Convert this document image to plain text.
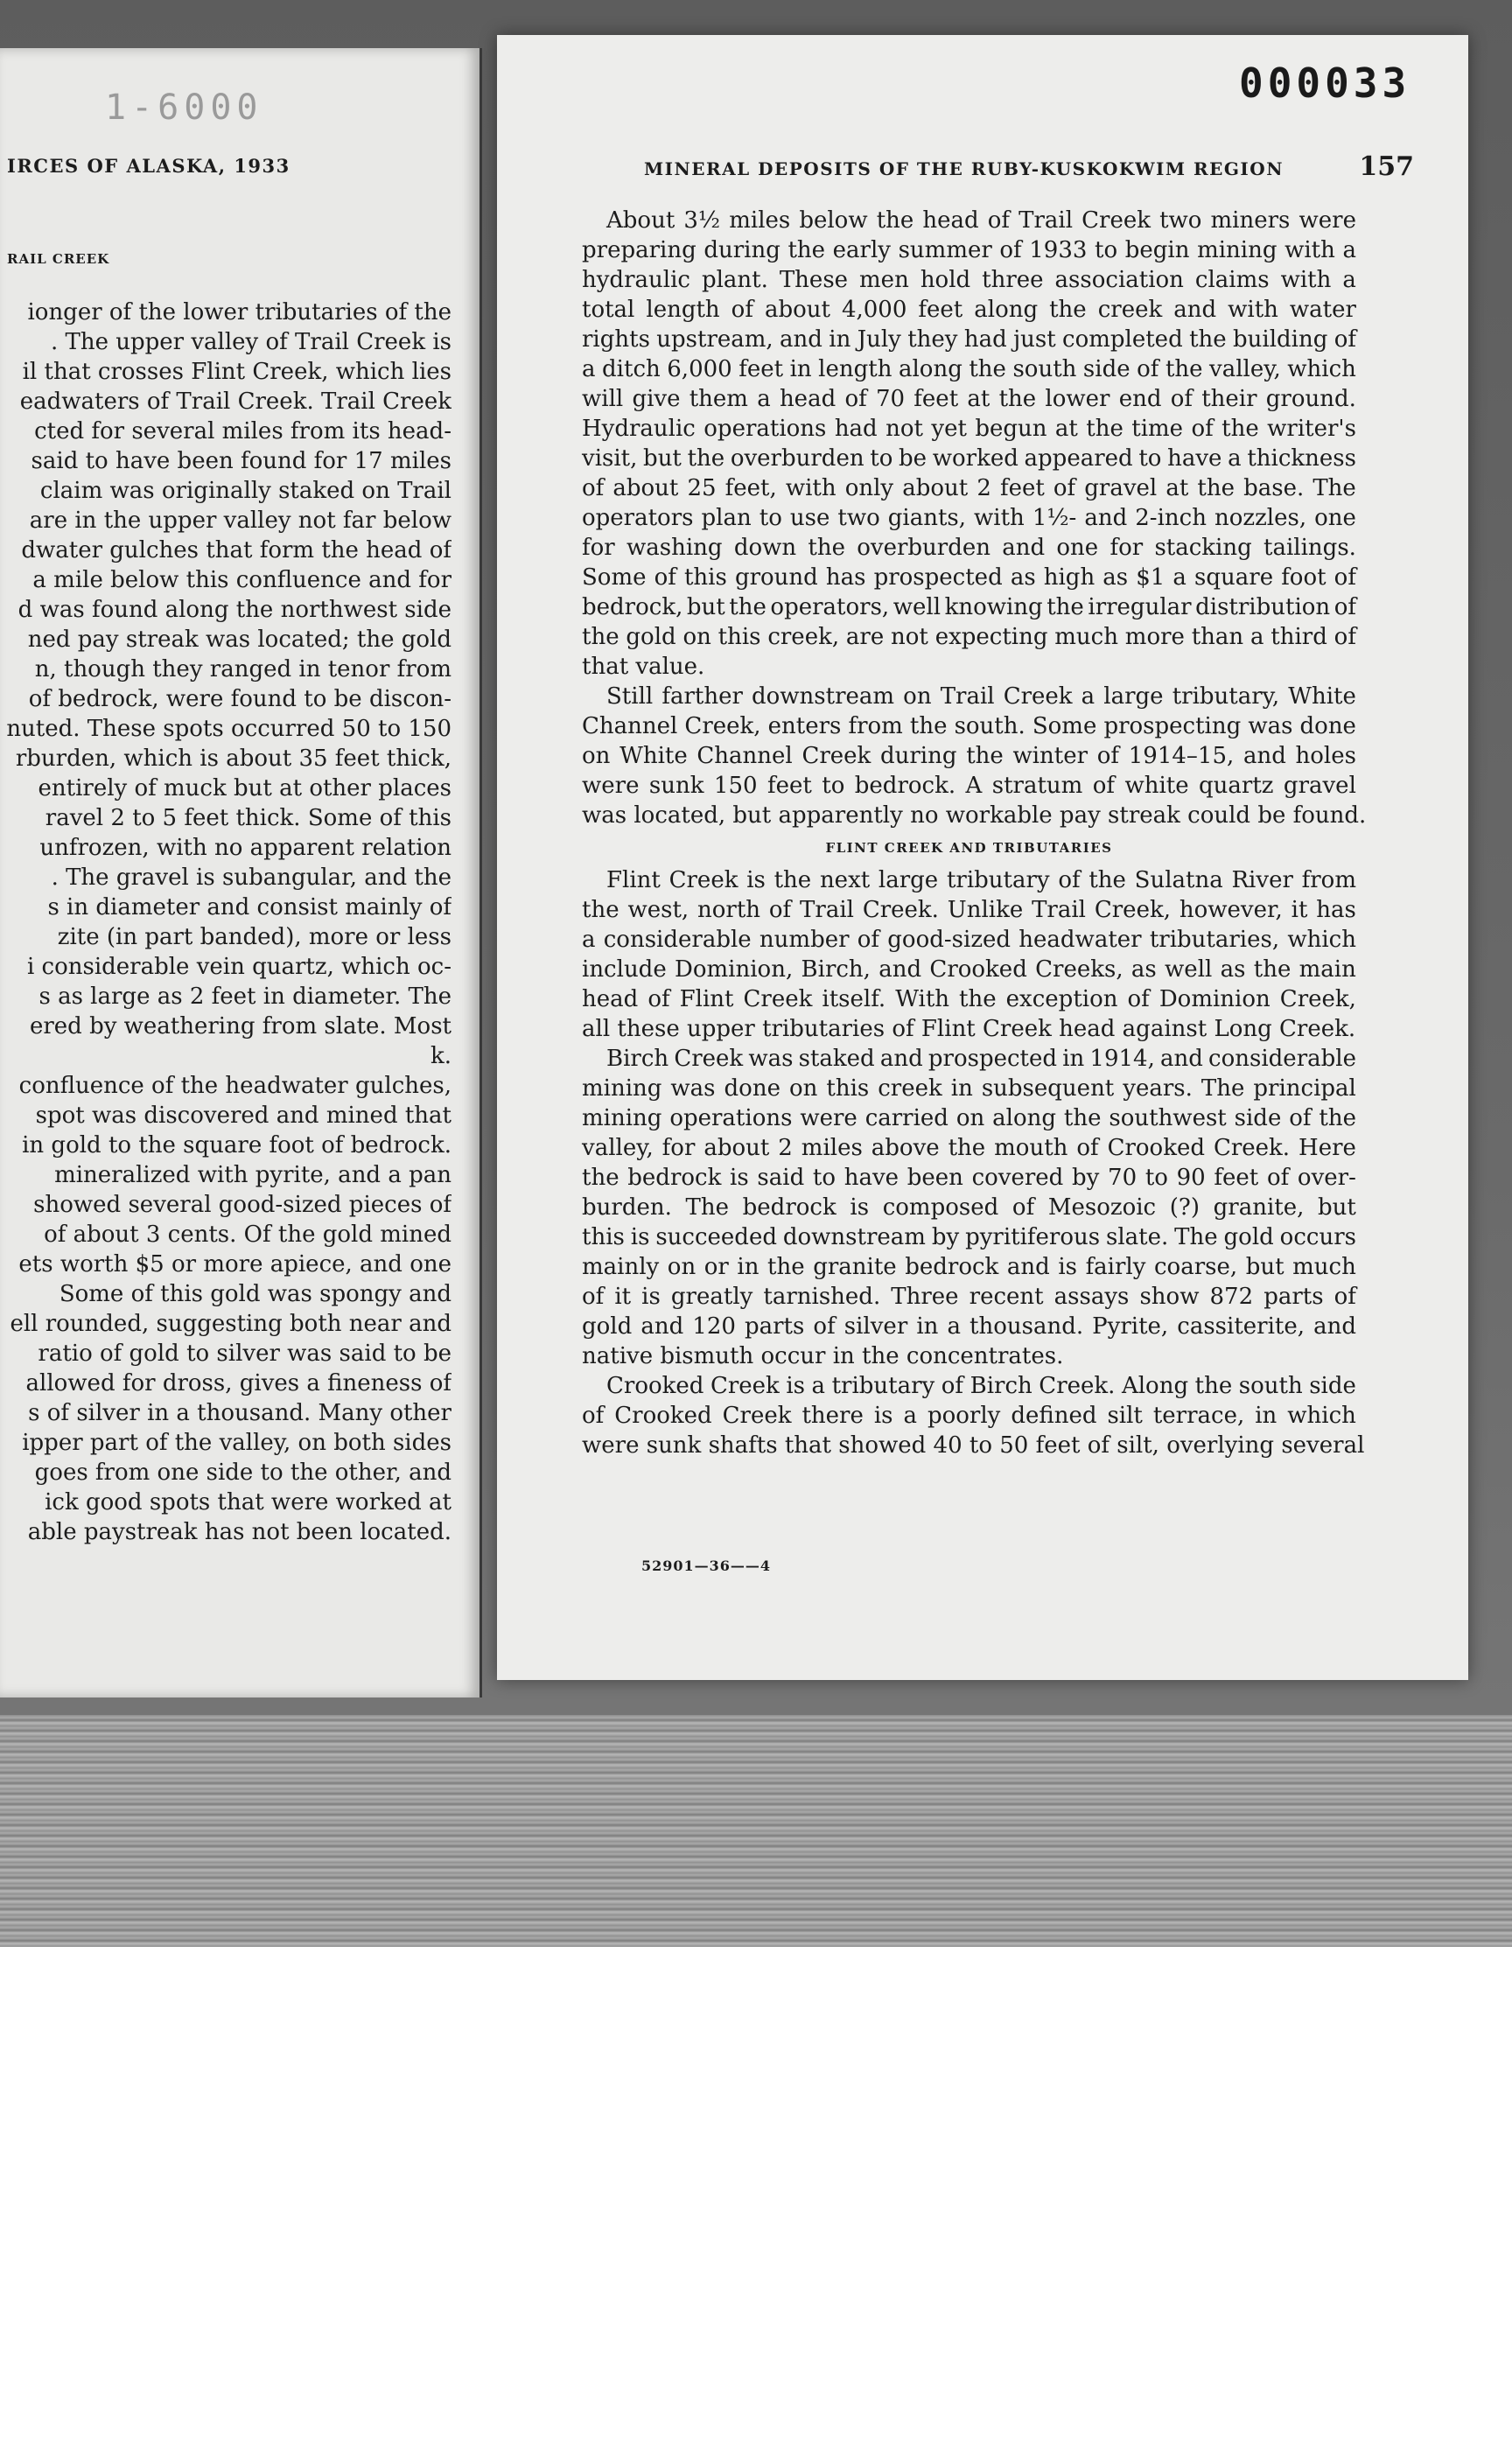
1-6000
IRCES OF ALASKA, 1933
RAIL CREEK
ionger of the lower tributaries of the
. The upper valley of Trail Creek is
il that crosses Flint Creek, which lies
eadwaters of Trail Creek. Trail Creek
cted for several miles from its head-
said to have been found for 17 miles
claim was originally staked on Trail
are in the upper valley not far below
dwater gulches that form the head of
a mile below this confluence and for
d was found along the northwest side
ned pay streak was located; the gold
n, though they ranged in tenor from
of bedrock, were found to be discon-
nuted. These spots occurred 50 to 150
rburden, which is about 35 feet thick,
entirely of muck but at other places
ravel 2 to 5 feet thick. Some of this
unfrozen, with no apparent relation
. The gravel is subangular, and the
s in diameter and consist mainly of
zite (in part banded), more or less
i considerable vein quartz, which oc-
s as large as 2 feet in diameter. The
ered by weathering from slate. Most
k.
confluence of the headwater gulches,
spot was discovered and mined that
in gold to the square foot of bedrock.
mineralized with pyrite, and a pan
showed several good-sized pieces of
of about 3 cents. Of the gold mined
ets worth $5 or more apiece, and one
Some of this gold was spongy and
ell rounded, suggesting both near and
ratio of gold to silver was said to be
allowed for dross, gives a fineness of
s of silver in a thousand. Many other
ipper part of the valley, on both sides
goes from one side to the other, and
ick good spots that were worked at
able paystreak has not been located.
000033
MINERAL DEPOSITS OF THE RUBY-KUSKOKWIM REGION	157
About 3½ miles below the head of Trail Creek two miners were
preparing during the early summer of 1933 to begin mining with a
hydraulic plant. These men hold three association claims with a
total length of about 4,000 feet along the creek and with water
rights upstream, and in July they had just completed the building of
a ditch 6,000 feet in length along the south side of the valley, which
will give them a head of 70 feet at the lower end of their ground.
Hydraulic operations had not yet begun at the time of the writer's
visit, but the overburden to be worked appeared to have a thickness
of about 25 feet, with only about 2 feet of gravel at the base. The
operators plan to use two giants, with 1½- and 2-inch nozzles, one
for washing down the overburden and one for stacking tailings.
Some of this ground has prospected as high as $1 a square foot of
bedrock, but the operators, well knowing the irregular distribution of
the gold on this creek, are not expecting much more than a third of
that value.
Still farther downstream on Trail Creek a large tributary, White
Channel Creek, enters from the south. Some prospecting was done
on White Channel Creek during the winter of 1914–15, and holes
were sunk 150 feet to bedrock. A stratum of white quartz gravel
was located, but apparently no workable pay streak could be found.
FLINT CREEK AND TRIBUTARIES
Flint Creek is the next large tributary of the Sulatna River from
the west, north of Trail Creek. Unlike Trail Creek, however, it has
a considerable number of good-sized headwater tributaries, which
include Dominion, Birch, and Crooked Creeks, as well as the main
head of Flint Creek itself. With the exception of Dominion Creek,
all these upper tributaries of Flint Creek head against Long Creek.
Birch Creek was staked and prospected in 1914, and considerable
mining was done on this creek in subsequent years. The principal
mining operations were carried on along the southwest side of the
valley, for about 2 miles above the mouth of Crooked Creek. Here
the bedrock is said to have been covered by 70 to 90 feet of over-
burden. The bedrock is composed of Mesozoic (?) granite, but
this is succeeded downstream by pyritiferous slate. The gold occurs
mainly on or in the granite bedrock and is fairly coarse, but much
of it is greatly tarnished. Three recent assays show 872 parts of
gold and 120 parts of silver in a thousand. Pyrite, cassiterite, and
native bismuth occur in the concentrates.
Crooked Creek is a tributary of Birch Creek. Along the south side
of Crooked Creek there is a poorly defined silt terrace, in which
were sunk shafts that showed 40 to 50 feet of silt, overlying several
52901—36——4
